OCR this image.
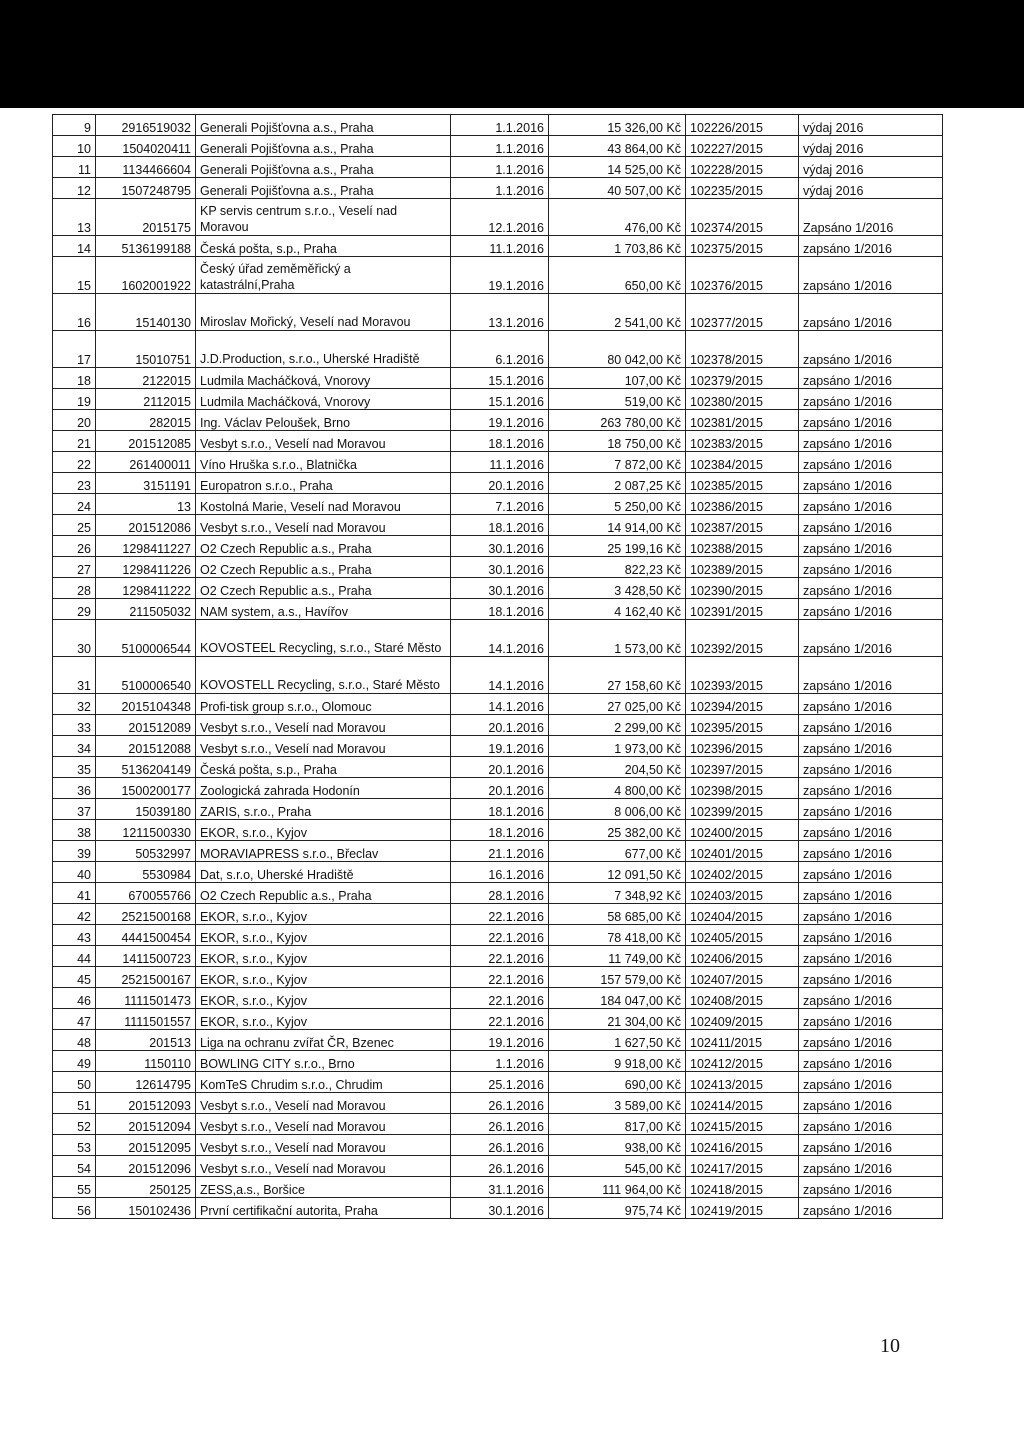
9	2916519032	Generali Pojišťovna a.s., Praha	1.1.2016	15 326,00 Kč	102226/2015	výdaj 2016
10	1504020411	Generali Pojišťovna a.s., Praha	1.1.2016	43 864,00 Kč	102227/2015	výdaj 2016
11	1134466604	Generali Pojišťovna a.s., Praha	1.1.2016	14 525,00 Kč	102228/2015	výdaj 2016
12	1507248795	Generali Pojišťovna a.s., Praha	1.1.2016	40 507,00 Kč	102235/2015	výdaj 2016
13	2015175	KP servis centrum s.r.o., Veselí nad Moravou	12.1.2016	476,00 Kč	102374/2015	Zapsáno 1/2016
14	5136199188	Česká pošta, s.p., Praha	11.1.2016	1 703,86 Kč	102375/2015	zapsáno 1/2016
15	1602001922	Český úřad zeměměřický a katastrální,Praha	19.1.2016	650,00 Kč	102376/2015	zapsáno 1/2016
16	15140130	Miroslav Mořický, Veselí nad Moravou	13.1.2016	2 541,00 Kč	102377/2015	zapsáno 1/2016
17	15010751	J.D.Production, s.r.o., Uherské Hradiště	6.1.2016	80 042,00 Kč	102378/2015	zapsáno 1/2016
18	2122015	Ludmila Macháčková, Vnorovy	15.1.2016	107,00 Kč	102379/2015	zapsáno 1/2016
19	2112015	Ludmila Macháčková, Vnorovy	15.1.2016	519,00 Kč	102380/2015	zapsáno 1/2016
20	282015	Ing. Václav Peloušek, Brno	19.1.2016	263 780,00 Kč	102381/2015	zapsáno 1/2016
21	201512085	Vesbyt s.r.o., Veselí nad Moravou	18.1.2016	18 750,00 Kč	102383/2015	zapsáno 1/2016
22	261400011	Víno Hruška s.r.o., Blatnička	11.1.2016	7 872,00 Kč	102384/2015	zapsáno 1/2016
23	3151191	Europatron s.r.o., Praha	20.1.2016	2 087,25 Kč	102385/2015	zapsáno 1/2016
24	13	Kostolná Marie, Veselí nad Moravou	7.1.2016	5 250,00 Kč	102386/2015	zapsáno 1/2016
25	201512086	Vesbyt s.r.o., Veselí nad Moravou	18.1.2016	14 914,00 Kč	102387/2015	zapsáno 1/2016
26	1298411227	O2 Czech Republic a.s., Praha	30.1.2016	25 199,16 Kč	102388/2015	zapsáno 1/2016
27	1298411226	O2 Czech Republic a.s., Praha	30.1.2016	822,23 Kč	102389/2015	zapsáno 1/2016
28	1298411222	O2 Czech Republic a.s., Praha	30.1.2016	3 428,50 Kč	102390/2015	zapsáno 1/2016
29	211505032	NAM system, a.s., Havířov	18.1.2016	4 162,40 Kč	102391/2015	zapsáno 1/2016
30	5100006544	KOVOSTEEL Recycling, s.r.o., Staré Město	14.1.2016	1 573,00 Kč	102392/2015	zapsáno 1/2016
31	5100006540	KOVOSTELL Recycling, s.r.o., Staré Město	14.1.2016	27 158,60 Kč	102393/2015	zapsáno 1/2016
32	2015104348	Profi-tisk group s.r.o., Olomouc	14.1.2016	27 025,00 Kč	102394/2015	zapsáno 1/2016
33	201512089	Vesbyt s.r.o., Veselí nad Moravou	20.1.2016	2 299,00 Kč	102395/2015	zapsáno 1/2016
34	201512088	Vesbyt s.r.o., Veselí nad Moravou	19.1.2016	1 973,00 Kč	102396/2015	zapsáno 1/2016
35	5136204149	Česká pošta, s.p., Praha	20.1.2016	204,50 Kč	102397/2015	zapsáno 1/2016
36	1500200177	Zoologická zahrada Hodonín	20.1.2016	4 800,00 Kč	102398/2015	zapsáno 1/2016
37	15039180	ZARIS, s.r.o., Praha	18.1.2016	8 006,00 Kč	102399/2015	zapsáno 1/2016
38	1211500330	EKOR, s.r.o., Kyjov	18.1.2016	25 382,00 Kč	102400/2015	zapsáno 1/2016
39	50532997	MORAVIAPRESS s.r.o., Břeclav	21.1.2016	677,00 Kč	102401/2015	zapsáno 1/2016
40	5530984	Dat, s.r.o, Uherské Hradiště	16.1.2016	12 091,50 Kč	102402/2015	zapsáno 1/2016
41	670055766	O2 Czech Republic a.s., Praha	28.1.2016	7 348,92 Kč	102403/2015	zapsáno 1/2016
42	2521500168	EKOR, s.r.o., Kyjov	22.1.2016	58 685,00 Kč	102404/2015	zapsáno 1/2016
43	4441500454	EKOR, s.r.o., Kyjov	22.1.2016	78 418,00 Kč	102405/2015	zapsáno 1/2016
44	1411500723	EKOR, s.r.o., Kyjov	22.1.2016	11 749,00 Kč	102406/2015	zapsáno 1/2016
45	2521500167	EKOR, s.r.o., Kyjov	22.1.2016	157 579,00 Kč	102407/2015	zapsáno 1/2016
46	1111501473	EKOR, s.r.o., Kyjov	22.1.2016	184 047,00 Kč	102408/2015	zapsáno 1/2016
47	1111501557	EKOR, s.r.o., Kyjov	22.1.2016	21 304,00 Kč	102409/2015	zapsáno 1/2016
48	201513	Liga na ochranu zvířat ČR, Bzenec	19.1.2016	1 627,50 Kč	102411/2015	zapsáno 1/2016
49	1150110	BOWLING CITY s.r.o., Brno	1.1.2016	9 918,00 Kč	102412/2015	zapsáno 1/2016
50	12614795	KomTeS Chrudim s.r.o., Chrudim	25.1.2016	690,00 Kč	102413/2015	zapsáno 1/2016
51	201512093	Vesbyt s.r.o., Veselí nad Moravou	26.1.2016	3 589,00 Kč	102414/2015	zapsáno 1/2016
52	201512094	Vesbyt s.r.o., Veselí nad Moravou	26.1.2016	817,00 Kč	102415/2015	zapsáno 1/2016
53	201512095	Vesbyt s.r.o., Veselí nad Moravou	26.1.2016	938,00 Kč	102416/2015	zapsáno 1/2016
54	201512096	Vesbyt s.r.o., Veselí nad Moravou	26.1.2016	545,00 Kč	102417/2015	zapsáno 1/2016
55	250125	ZESS,a.s., Boršice	31.1.2016	111 964,00 Kč	102418/2015	zapsáno 1/2016
56	150102436	První certifikační autorita, Praha	30.1.2016	975,74 Kč	102419/2015	zapsáno 1/2016
10
